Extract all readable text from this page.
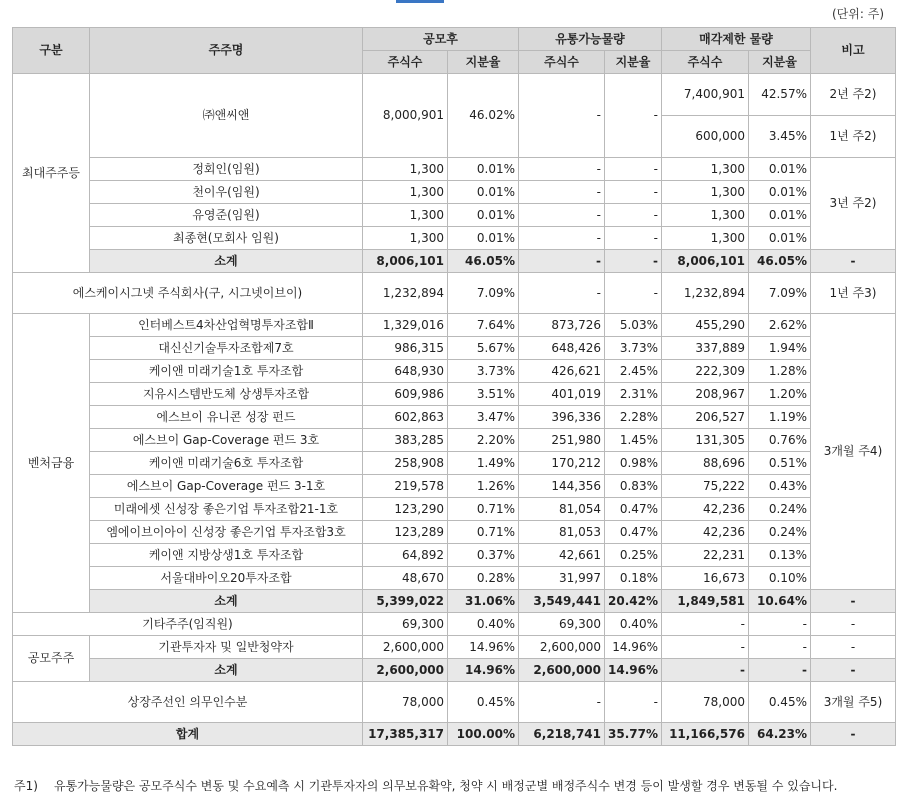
(단위: 주)
구분	주주명	공모후		유통가능물량		매각제한 물량		비고
		주식수	지분율	주식수	지분율	주식수	지분율	
최대주주등	㈜앤씨앤	8,000,901	46.02%	-	-	7,400,901	42.57%	2년 주2)
						600,000	3.45%	1년 주2)
	정회인(임원)	1,300	0.01%	-	-	1,300	0.01%	3년 주2)
	천이우(임원)	1,300	0.01%	-	-	1,300	0.01%	
	유영준(임원)	1,300	0.01%	-	-	1,300	0.01%	
	최종현(모회사 임원)	1,300	0.01%	-	-	1,300	0.01%	
	소계	8,006,101	46.05%	-	-	8,006,101	46.05%	-
에스케이시그넷 주식회사(구, 시그넷이브이)		1,232,894	7.09%	-	-	1,232,894	7.09%	1년 주3)
벤처금융	인터베스트4차산업혁명투자조합Ⅱ	1,329,016	7.64%	873,726	5.03%	455,290	2.62%	3개월 주4)
	대신신기술투자조합제7호	986,315	5.67%	648,426	3.73%	337,889	1.94%	
	케이앤 미래기술1호 투자조합	648,930	3.73%	426,621	2.45%	222,309	1.28%	
	지유시스템반도체 상생투자조합	609,986	3.51%	401,019	2.31%	208,967	1.20%	
	에스브이 유니콘 성장 펀드	602,863	3.47%	396,336	2.28%	206,527	1.19%	
	에스브이 Gap-Coverage 펀드 3호	383,285	2.20%	251,980	1.45%	131,305	0.76%	
	케이앤 미래기술6호 투자조합	258,908	1.49%	170,212	0.98%	88,696	0.51%	
	에스브이 Gap-Coverage 펀드 3-1호	219,578	1.26%	144,356	0.83%	75,222	0.43%	
	미래에셋 신성장 좋은기업 투자조합21-1호	123,290	0.71%	81,054	0.47%	42,236	0.24%	
	엠에이브이아이 신성장 좋은기업 투자조합3호	123,289	0.71%	81,053	0.47%	42,236	0.24%	
	케이앤 지방상생1호 투자조합	64,892	0.37%	42,661	0.25%	22,231	0.13%	
	서울대바이오20투자조합	48,670	0.28%	31,997	0.18%	16,673	0.10%	
	소계	5,399,022	31.06%	3,549,441	20.42%	1,849,581	10.64%	-
기타주주(임직원)		69,300	0.40%	69,300	0.40%	-	-	-
공모주주	기관투자자 및 일반청약자	2,600,000	14.96%	2,600,000	14.96%	-	-	-
	소계	2,600,000	14.96%	2,600,000	14.96%	-	-	-
상장주선인 의무인수분		78,000	0.45%	-	-	78,000	0.45%	3개월 주5)
합계		17,385,317	100.00%	6,218,741	35.77%	11,166,576	64.23%	-
주1) 유통가능물량은 공모주식수 변동 및 수요예측 시 기관투자자의 의무보유확약, 청약 시 배정군별 배정주식수 변경 등이 발생할 경우 변동될 수 있습니다.
